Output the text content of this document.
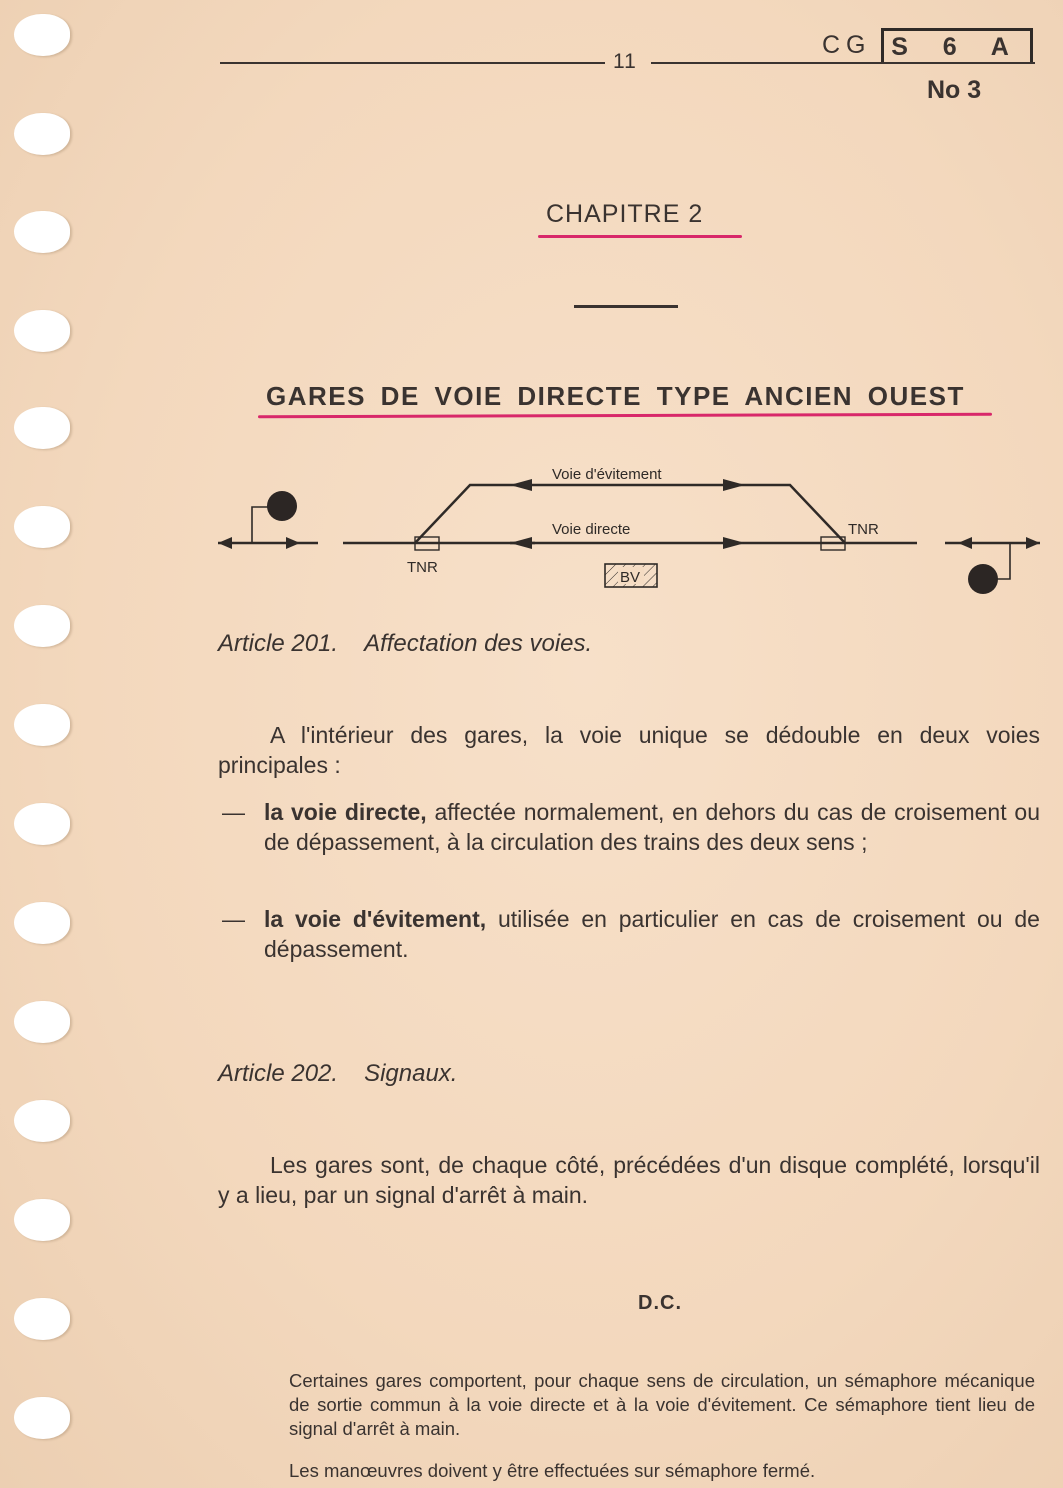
11
CG S 6 A
No 3
CHAPITRE 2
GARES DE VOIE DIRECTE TYPE ANCIEN OUEST
TNR
TNR
Voie d'évitement
Voie directe
BV
Article 201. Affectation des voies.
A l'intérieur des gares, la voie unique se dédouble en deux voies principales :
— la voie directe, affectée normalement, en dehors du cas de croisement ou de dépassement, à la circulation des trains des deux sens ;
— la voie d'évitement, utilisée en particulier en cas de croisement ou de dépassement.
Article 202. Signaux.
Les gares sont, de chaque côté, précédées d'un disque complété, lorsqu'il y a lieu, par un signal d'arrêt à main.
D.C.
Certaines gares comportent, pour chaque sens de circulation, un sémaphore mécanique de sortie commun à la voie directe et à la voie d'évitement. Ce sémaphore tient lieu de signal d'arrêt à main.
Les manœuvres doivent y être effectuées sur sémaphore fermé.
